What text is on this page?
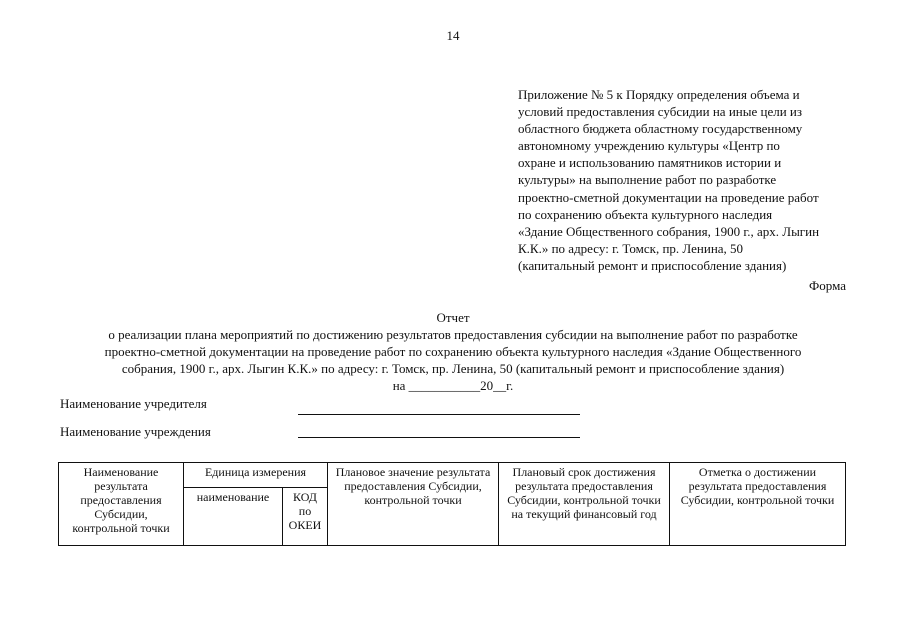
14
Приложение № 5 к Порядку определения объема и
условий предоставления субсидии на иные цели из
областного бюджета областному государственному
автономному учреждению культуры «Центр по
охране и использованию памятников истории и
культуры» на выполнение работ по разработке
проектно-сметной документации на проведение работ
по сохранению объекта культурного наследия
«Здание Общественного собрания, 1900 г., арх. Лыгин
К.К.» по адресу: г. Томск, пр. Ленина, 50
(капитальный ремонт и приспособление здания)
Форма
Отчет
о реализации плана мероприятий по достижению результатов предоставления субсидии на выполнение работ по разработке
проектно-сметной документации на проведение работ по сохранению объекта культурного наследия «Здание Общественного
собрания, 1900 г., арх. Лыгин К.К.» по адресу: г. Томск, пр. Ленина, 50 (капитальный ремонт и приспособление здания)
на ___________20__г.
Наименование учредителя
Наименование учреждения
Наименование результата предоставления Субсидии, контрольной точки	Единица измерения		Плановое значение результата предоставления Субсидии, контрольной точки	Плановый срок достижения результата предоставления Субсидии, контрольной точки на текущий финансовый год	Отметка о достижении результата предоставления Субсидии, контрольной точки
	наименование	КОД по ОКЕИ			
